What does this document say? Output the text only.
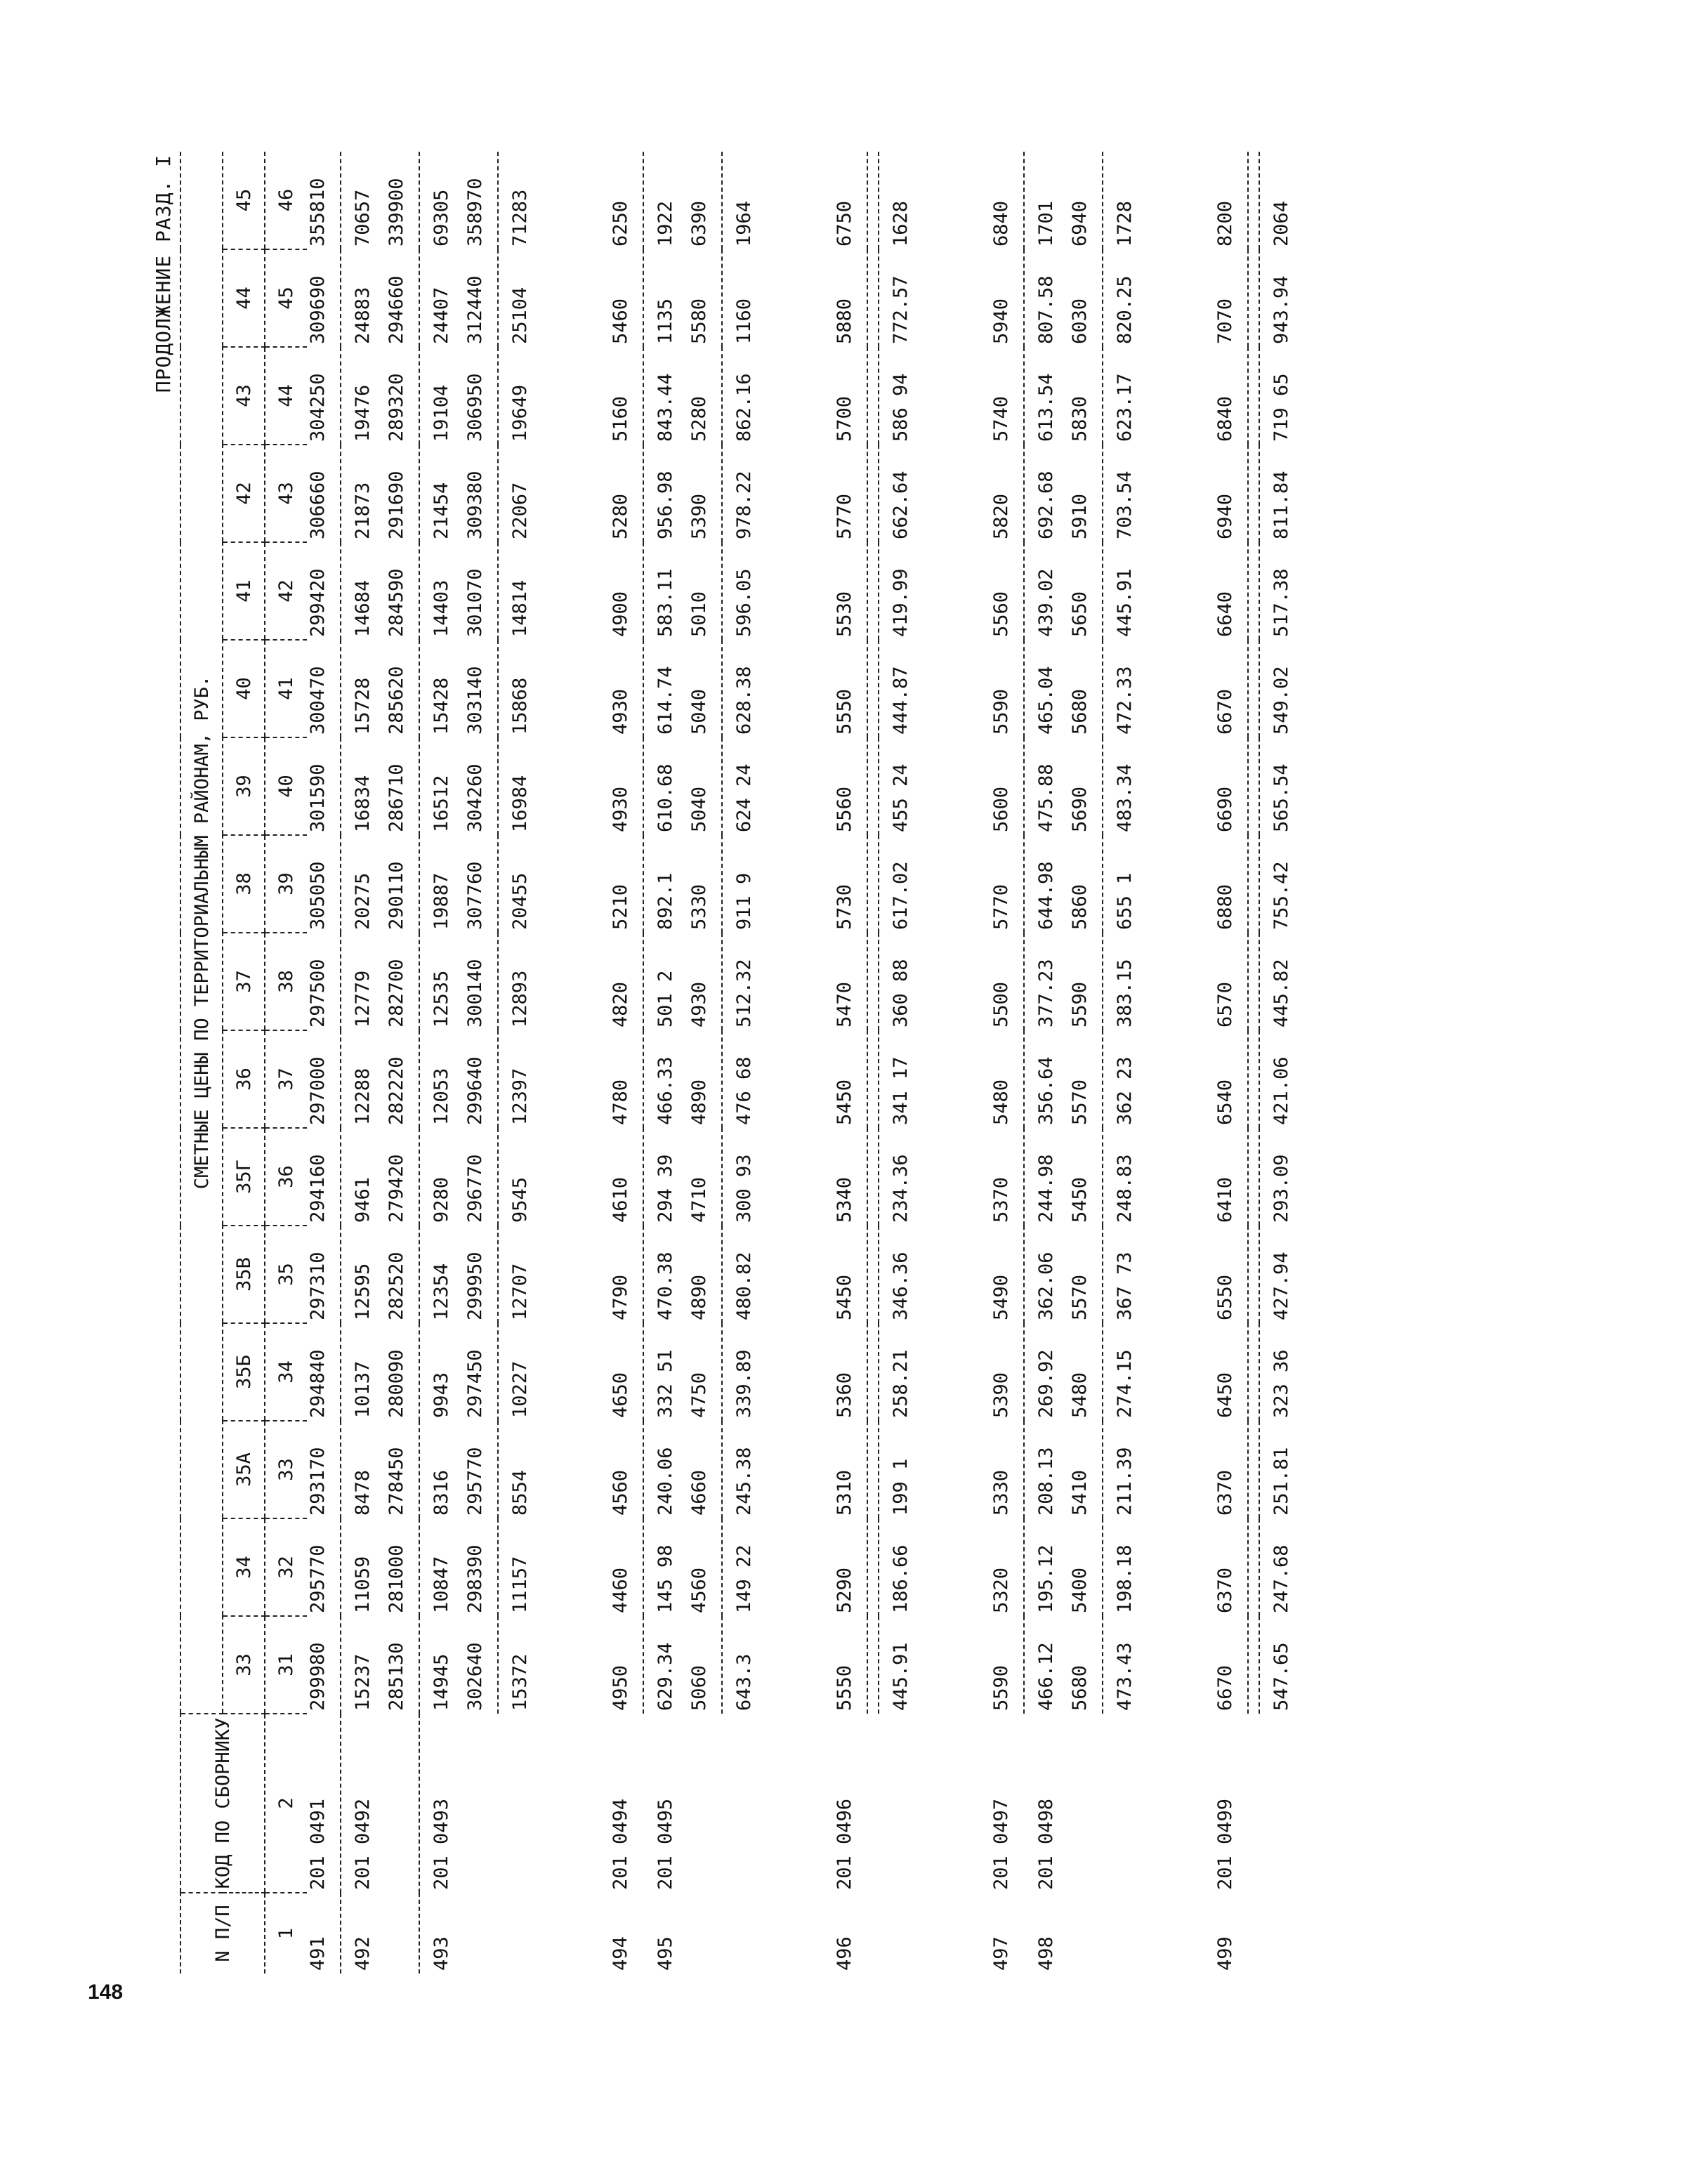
148
ПРОДОЛЖЕНИЕ РАЗД. I
N П/П	КОД ПО СБОРНИКУ	СМЕТНЫЕ ЦЕНЫ ПО ТЕРРИТОРИАЛЬНЫМ РАЙОНАМ, РУБ.															
		33	34	35А	35Б	35В	35Г	36	37	38	39	40	41	42	43	44	45
1	2	31	32	33	34	35	36	37	38	39	40	41	42	43	44	45	46
491	201 0491	299980	295770	293170	294840	297310	294160	297000	297500	305050	301590	300470	299420	306660	304250	309690	355810

492	201 0492	15237	11059	8478	10137	12595	9461	12288	12779	20275	16834	15728	14684	21873	19476	24883	70657
		285130	281000	278450	280090	282520	279420	282220	282700	290110	286710	285620	284590	291690	289320	294660	339900

493	201 0493	14945	10847	8316	9943	12354	9280	12053	12535	19887	16512	15428	14403	21454	19104	24407	69305
		302640	298390	295770	297450	299950	296770	299640	300140	307760	304260	303140	301070	309380	306950	312440	358970

		15372	11157	8554	10227	12707	9545	12397	12893	20455	16984	15868	14814	22067	19649	25104	71283

494	201 0494	4950	4460	4560	4650	4790	4610	4780	4820	5210	4930	4930	4900	5280	5160	5460	6250

495	201 0495	629.34	145 98	240.06	332 51	470.38	294 39	466.33	501 2	892.1	610.68	614.74	583.11	956.98	843.44	1135	1922
		5060	4560	4660	4750	4890	4710	4890	4930	5330	5040	5040	5010	5390	5280	5580	6390

		643.3	149 22	245.38	339.89	480.82	300 93	476 68	512.32	911 9	624 24	628.38	596.05	978.22	862.16	1160	1964

496	201 0496	5550	5290	5310	5360	5450	5340	5450	5470	5730	5560	5550	5530	5770	5700	5880	6750

		445.91	186.66	199 1	258.21	346.36	234.36	341 17	360 88	617.02	455 24	444.87	419.99	662.64	586 94	772.57	1628

497	201 0497	5590	5320	5330	5390	5490	5370	5480	5500	5770	5600	5590	5560	5820	5740	5940	6840

498	201 0498	466.12	195.12	208.13	269.92	362.06	244.98	356.64	377.23	644.98	475.88	465.04	439.02	692.68	613.54	807.58	1701
		5680	5400	5410	5480	5570	5450	5570	5590	5860	5690	5680	5650	5910	5830	6030	6940

		473.43	198.18	211.39	274.15	367 73	248.83	362 23	383.15	655 1	483.34	472.33	445.91	703.54	623.17	820.25	1728

499	201 0499	6670	6370	6370	6450	6550	6410	6540	6570	6880	6690	6670	6640	6940	6840	7070	8200

		547.65	247.68	251.81	323 36	427.94	293.09	421.06	445.82	755.42	565.54	549.02	517.38	811.84	719 65	943.94	2064
